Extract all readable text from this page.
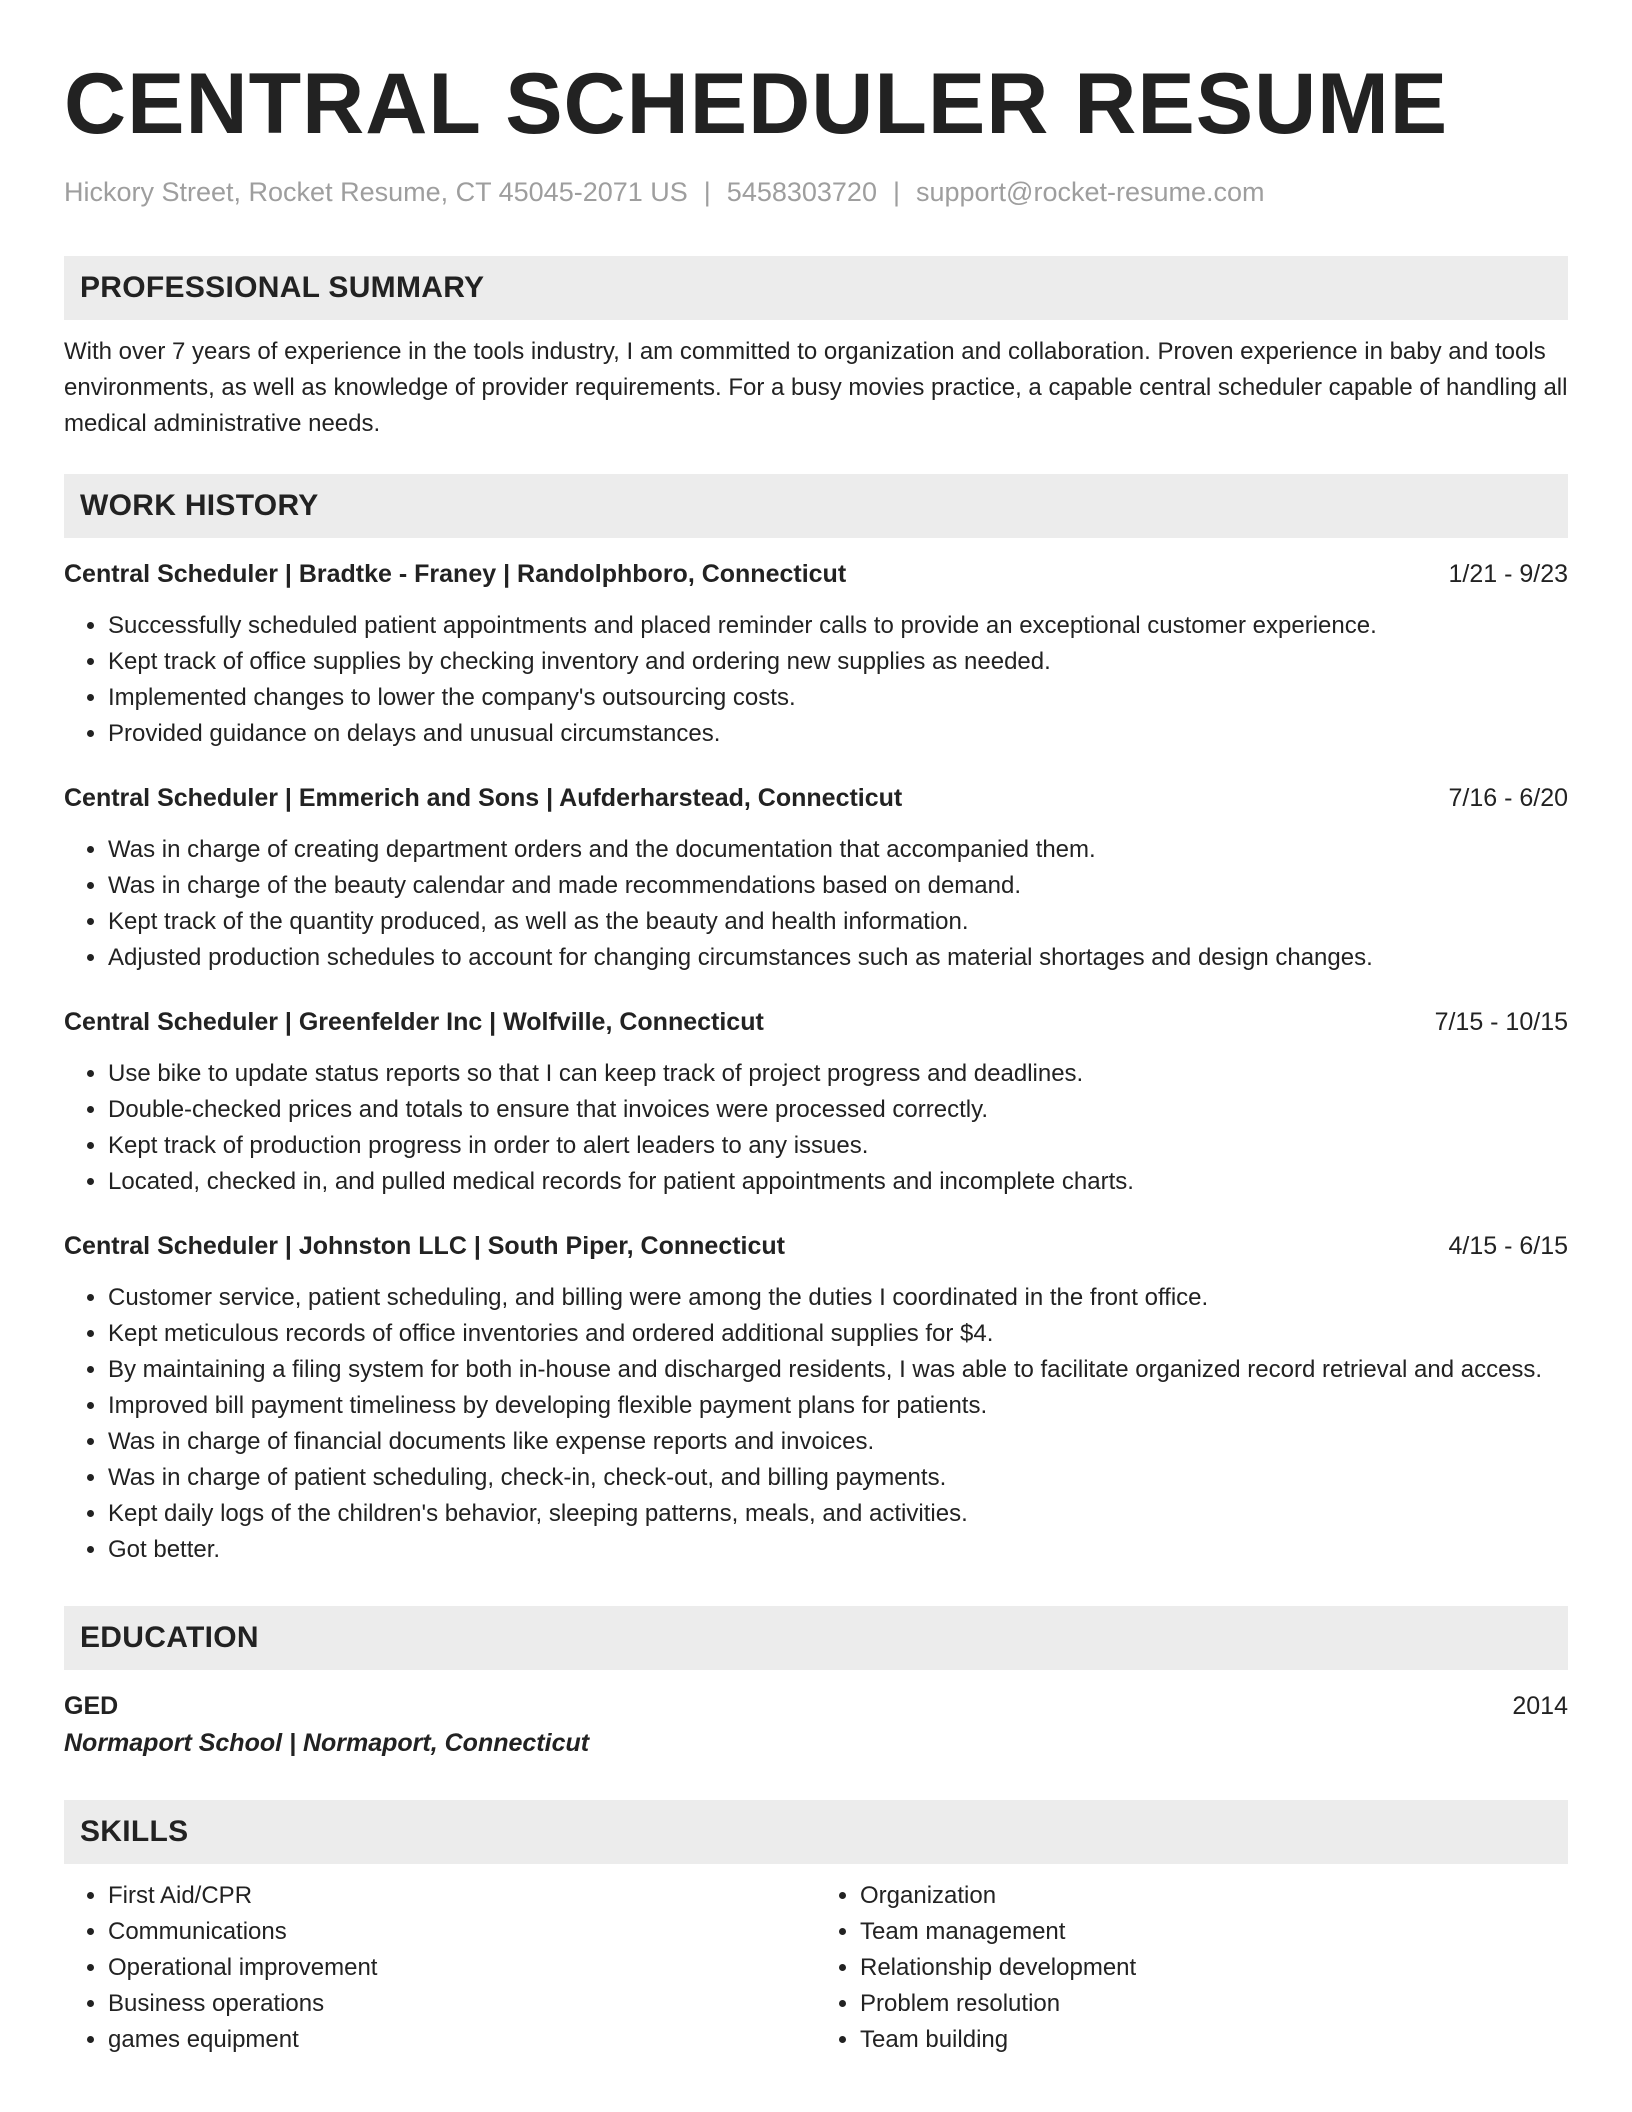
CENTRAL SCHEDULER RESUME
Hickory Street, Rocket Resume, CT 45045-2071 US | 5458303720 | support@rocket-resume.com
PROFESSIONAL SUMMARY

With over 7 years of experience in the tools industry, I am committed to organization and collaboration. Proven experience in baby and tools environments, as well as knowledge of provider requirements. For a busy movies practice, a capable central scheduler capable of handling all medical administrative needs.

WORK HISTORY
Central Scheduler | Bradtke - Franey | Randolphboro, Connecticut	1/21 - 9/23
• Successfully scheduled patient appointments and placed reminder calls to provide an exceptional customer experience.
• Kept track of office supplies by checking inventory and ordering new supplies as needed.
• Implemented changes to lower the company's outsourcing costs.
• Provided guidance on delays and unusual circumstances.
Central Scheduler | Emmerich and Sons | Aufderharstead, Connecticut	7/16 - 6/20
• Was in charge of creating department orders and the documentation that accompanied them.
• Was in charge of the beauty calendar and made recommendations based on demand.
• Kept track of the quantity produced, as well as the beauty and health information.
• Adjusted production schedules to account for changing circumstances such as material shortages and design changes.
Central Scheduler | Greenfelder Inc | Wolfville, Connecticut	7/15 - 10/15
• Use bike to update status reports so that I can keep track of project progress and deadlines.
• Double-checked prices and totals to ensure that invoices were processed correctly.
• Kept track of production progress in order to alert leaders to any issues.
• Located, checked in, and pulled medical records for patient appointments and incomplete charts.
Central Scheduler | Johnston LLC | South Piper, Connecticut	4/15 - 6/15
• Customer service, patient scheduling, and billing were among the duties I coordinated in the front office.
• Kept meticulous records of office inventories and ordered additional supplies for $4.
• By maintaining a filing system for both in-house and discharged residents, I was able to facilitate organized record retrieval and access.
• Improved bill payment timeliness by developing flexible payment plans for patients.
• Was in charge of financial documents like expense reports and invoices.
• Was in charge of patient scheduling, check-in, check-out, and billing payments.
• Kept daily logs of the children's behavior, sleeping patterns, meals, and activities.
• Got better.
EDUCATION
GED	2014
Normaport School | Normaport, Connecticut
SKILLS
• First Aid/CPR
• Communications
• Operational improvement
• Business operations
• games equipment
• Organization
• Team management
• Relationship development
• Problem resolution
• Team building
